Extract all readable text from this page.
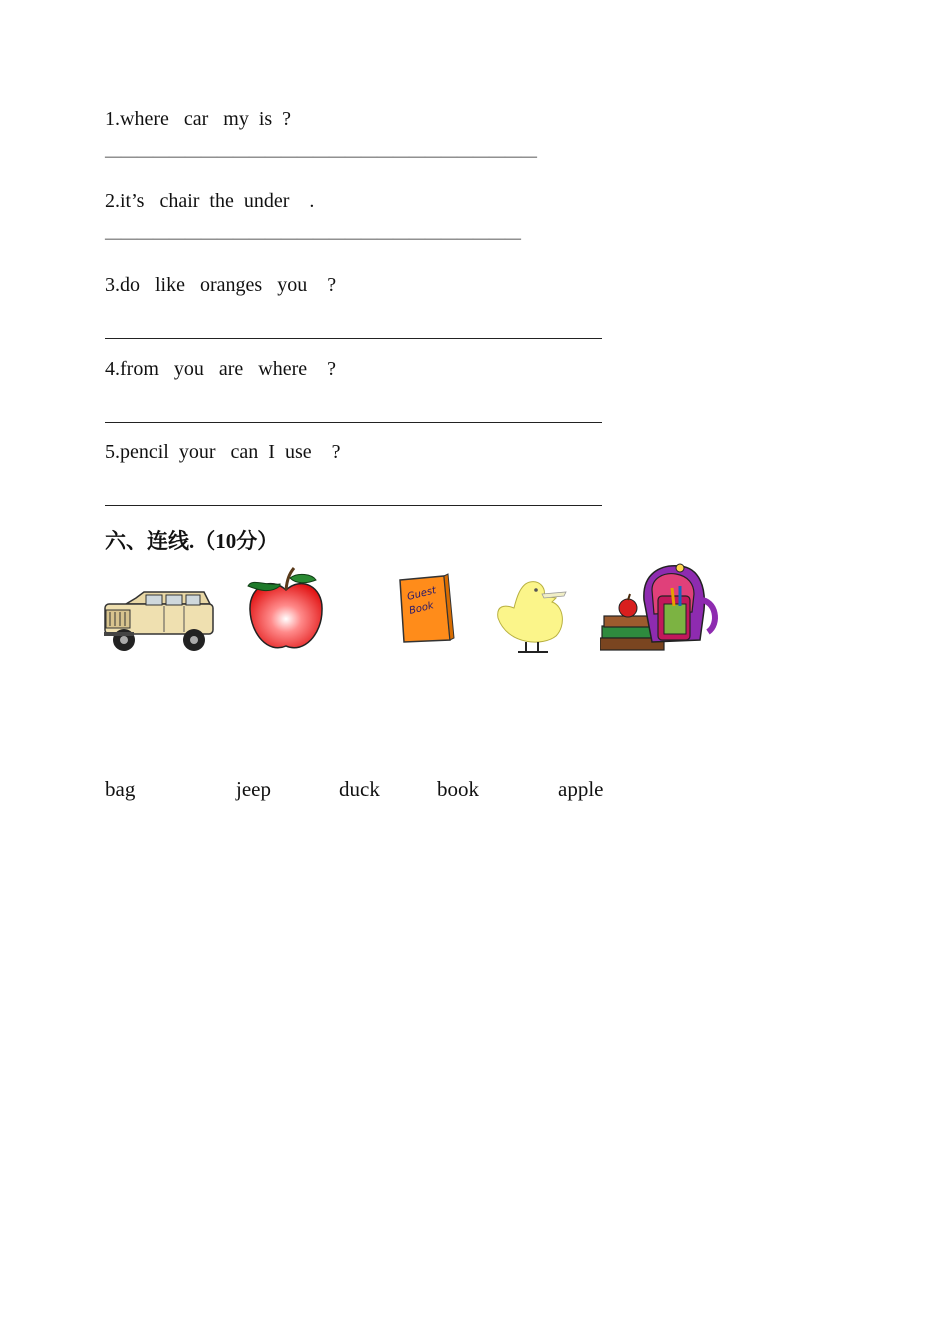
1.where   car   my  is  ?
———————————————————————————
2.it’s   chair  the  under    .
——————————————————————————
3.do   like   oranges   you    ?
4.from   you   are   where    ?
5.pencil  your   can  I  use    ?
六、连线.（10分）
Guest
Book
bag	jeep	duck	book	apple
